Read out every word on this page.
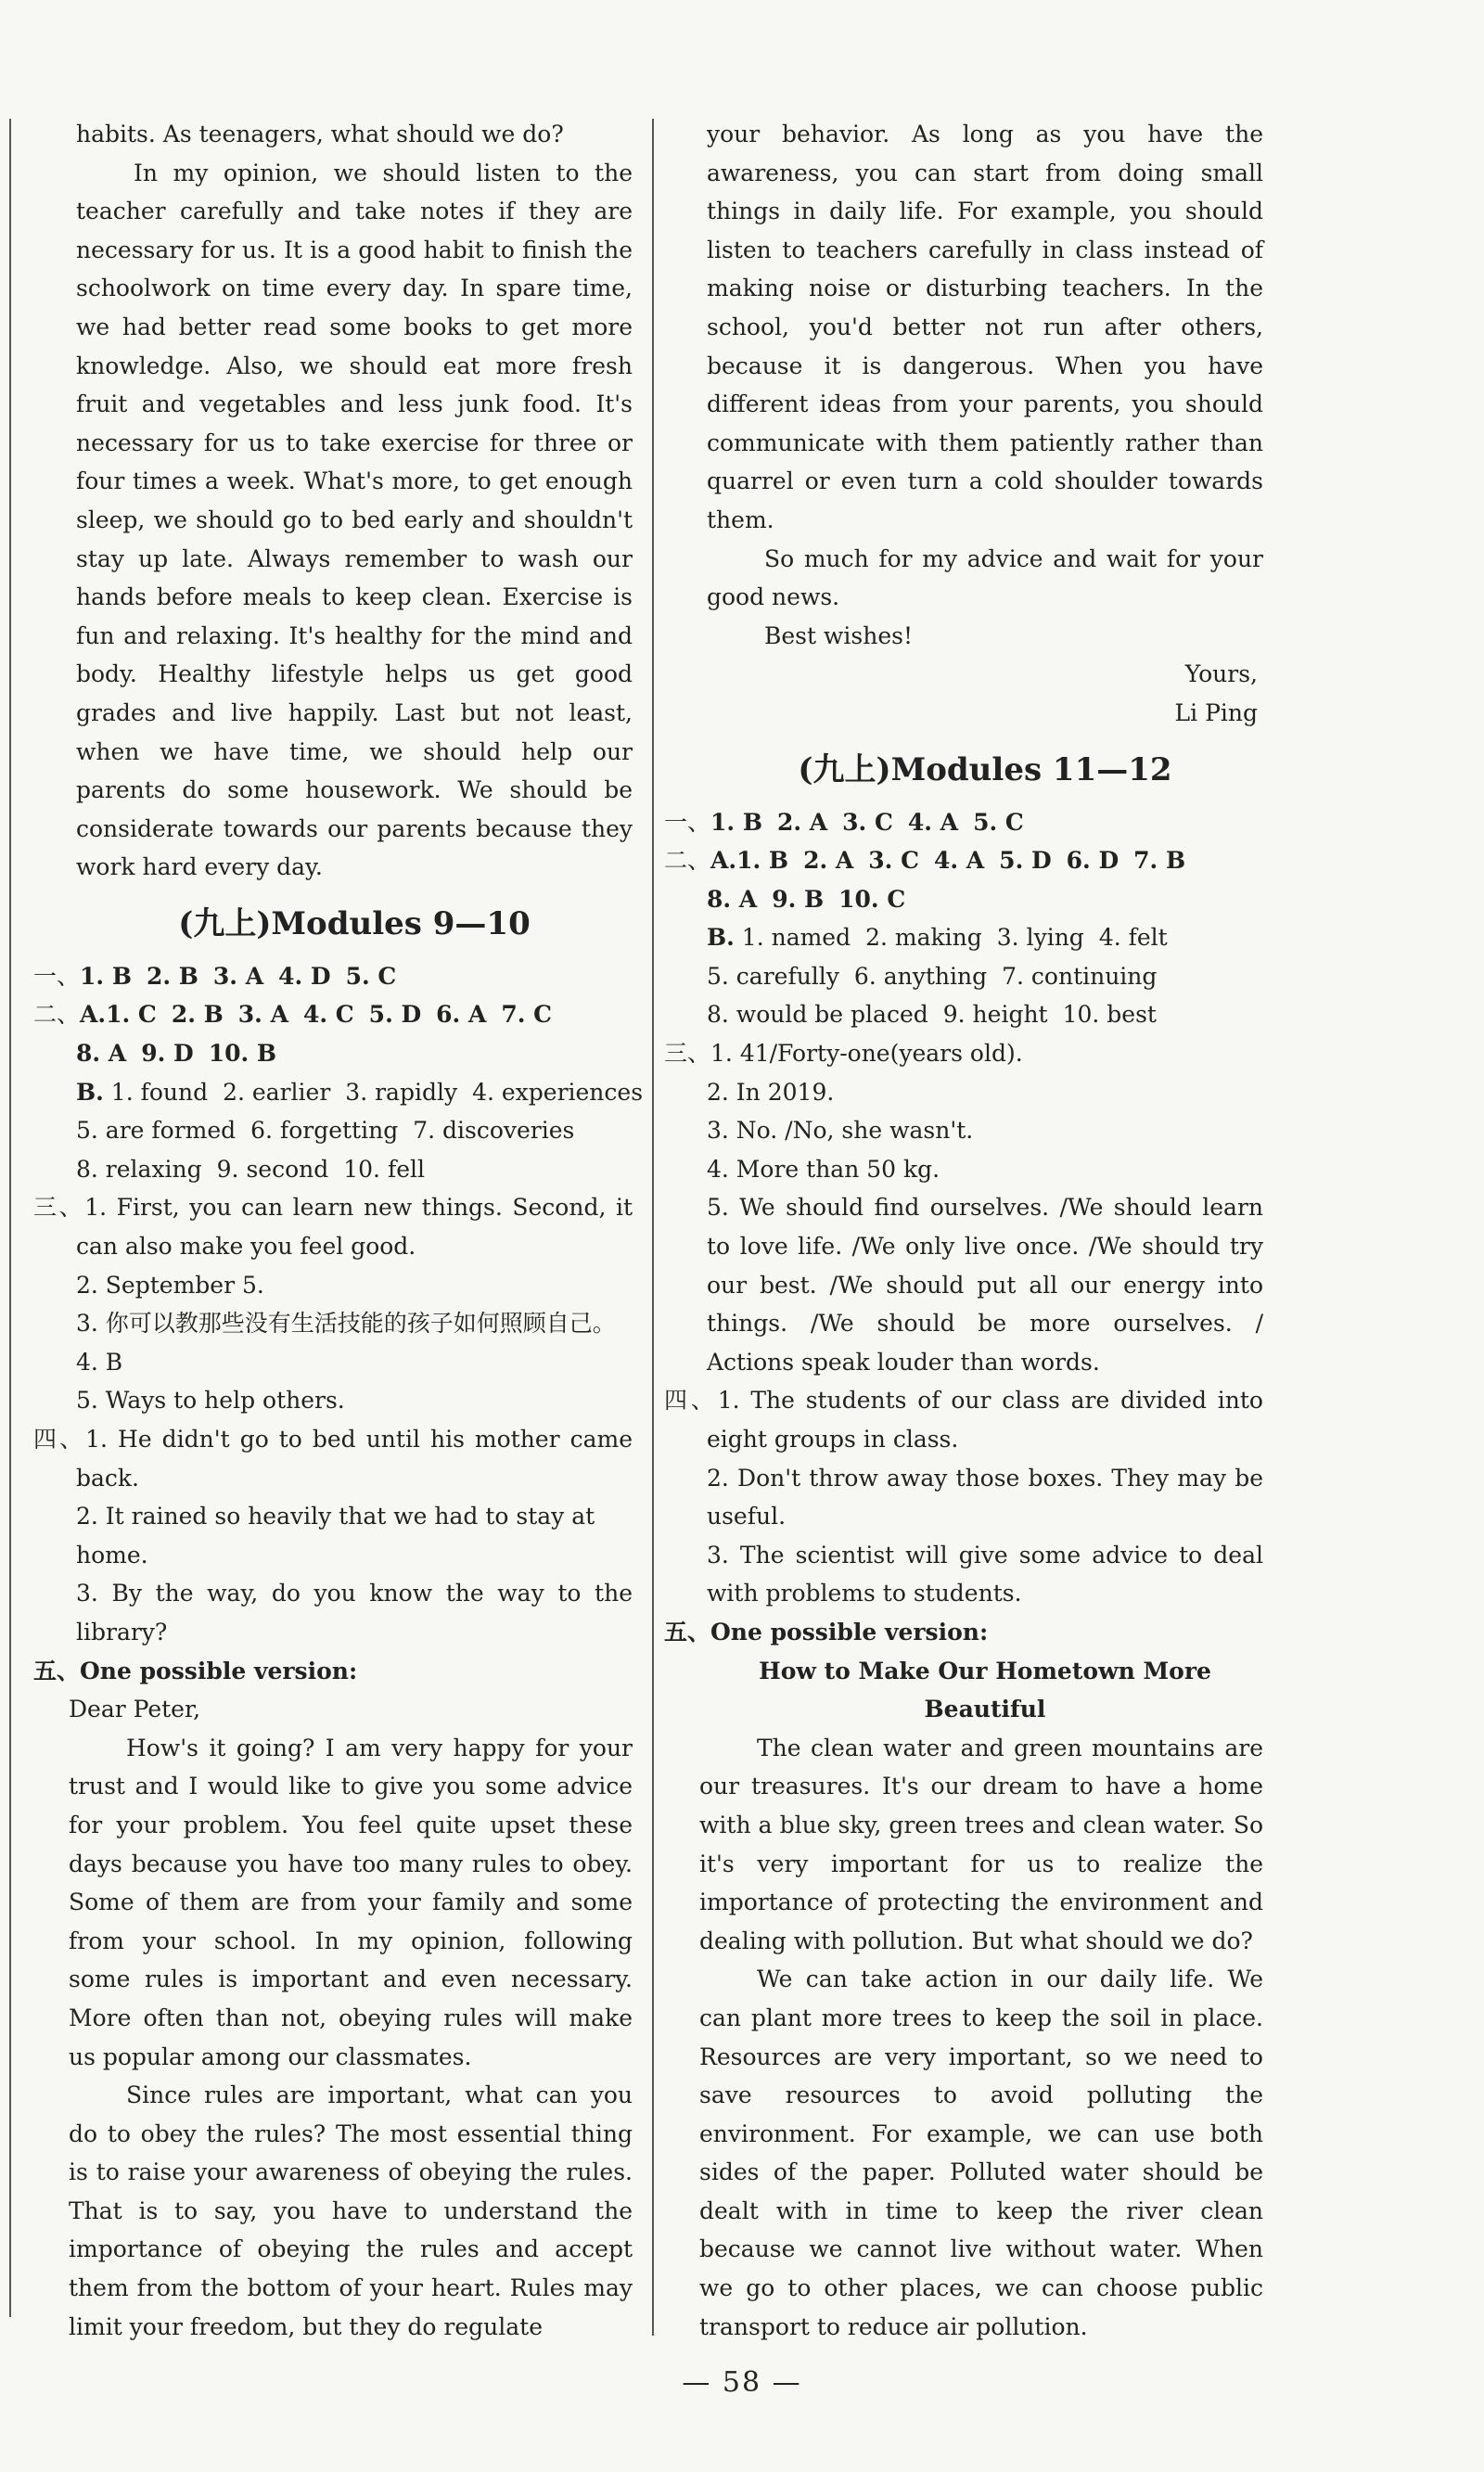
habits. As teenagers, what should we do?
In my opinion, we should listen to the teacher carefully and take notes if they are necessary for us. It is a good habit to finish the schoolwork on time every day. In spare time, we had better read some books to get more knowledge. Also, we should eat more fresh fruit and vegetables and less junk food. It's necessary for us to take exercise for three or four times a week. What's more, to get enough sleep, we should go to bed early and shouldn't stay up late. Always remember to wash our hands before meals to keep clean. Exercise is fun and relaxing. It's healthy for the mind and body. Healthy lifestyle helps us get good grades and live happily. Last but not least, when we have time, we should help our parents do some housework. We should be considerate towards our parents because they work hard every day.
(九上)Modules 9—10
一、1. B 2. B 3. A 4. D 5. C
二、A.1. C 2. B 3. A 4. C 5. D 6. A 7. C
8. A 9. D 10. B
B. 1. found 2. earlier 3. rapidly 4. experiences
5. are formed 6. forgetting 7. discoveries
8. relaxing 9. second 10. fell
三、1. First, you can learn new things. Second, it can also make you feel good.
2. September 5.
3. 你可以教那些没有生活技能的孩子如何照顾自己。
4. B
5. Ways to help others.
四、1. He didn't go to bed until his mother came back.
2. It rained so heavily that we had to stay at home.
3. By the way, do you know the way to the library?
五、One possible version:
Dear Peter,
How's it going? I am very happy for your trust and I would like to give you some advice for your problem. You feel quite upset these days because you have too many rules to obey. Some of them are from your family and some from your school. In my opinion, following some rules is important and even necessary. More often than not, obeying rules will make us popular among our classmates.
Since rules are important, what can you do to obey the rules? The most essential thing is to raise your awareness of obeying the rules. That is to say, you have to understand the importance of obeying the rules and accept them from the bottom of your heart. Rules may limit your freedom, but they do regulate
your behavior. As long as you have the awareness, you can start from doing small things in daily life. For example, you should listen to teachers carefully in class instead of making noise or disturbing teachers. In the school, you'd better not run after others, because it is dangerous. When you have different ideas from your parents, you should communicate with them patiently rather than quarrel or even turn a cold shoulder towards them.
So much for my advice and wait for your good news.
Best wishes!
Yours,
Li Ping
(九上)Modules 11—12
一、1. B 2. A 3. C 4. A 5. C
二、A.1. B 2. A 3. C 4. A 5. D 6. D 7. B
8. A 9. B 10. C
B. 1. named 2. making 3. lying 4. felt
5. carefully 6. anything 7. continuing
8. would be placed 9. height 10. best
三、1. 41/Forty-one(years old).
2. In 2019.
3. No. /No, she wasn't.
4. More than 50 kg.
5. We should find ourselves. /We should learn to love life. /We only live once. /We should try our best. /We should put all our energy into things. /We should be more ourselves. / Actions speak louder than words.
四、1. The students of our class are divided into eight groups in class.
2. Don't throw away those boxes. They may be useful.
3. The scientist will give some advice to deal with problems to students.
五、One possible version:
How to Make Our Hometown More Beautiful
The clean water and green mountains are our treasures. It's our dream to have a home with a blue sky, green trees and clean water. So it's very important for us to realize the importance of protecting the environment and dealing with pollution. But what should we do?
We can take action in our daily life. We can plant more trees to keep the soil in place. Resources are very important, so we need to save resources to avoid polluting the environment. For example, we can use both sides of the paper. Polluted water should be dealt with in time to keep the river clean because we cannot live without water. When we go to other places, we can choose public transport to reduce air pollution.
— 58 —
